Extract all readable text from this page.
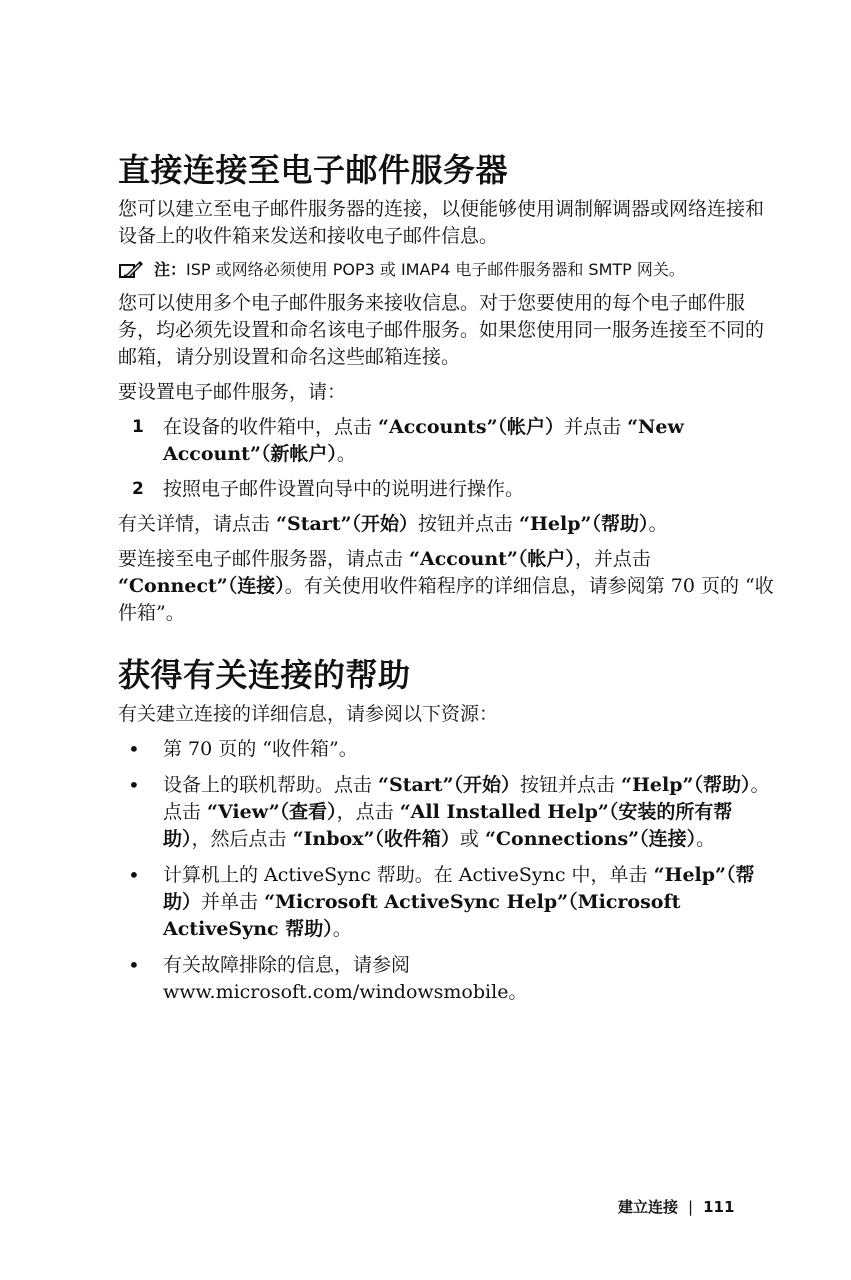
直接连接至电子邮件服务器

您可以建立至电子邮件服务器的连接，以便能够使用调制解调器或网络连接和设备上的收件箱来发送和接收电子邮件信息。

注：ISP 或网络必须使用 POP3 或 IMAP4 电子邮件服务器和 SMTP 网关。

您可以使用多个电子邮件服务来接收信息。对于您要使用的每个电子邮件服务，均必须先设置和命名该电子邮件服务。如果您使用同一服务连接至不同的邮箱，请分别设置和命名这些邮箱连接。

要设置电子邮件服务，请：

1	在设备的收件箱中，点击 “Accounts”（帐户）并点击 “New Account”（新帐户）。
2	按照电子邮件设置向导中的说明进行操作。

有关详情，请点击 “Start”（开始）按钮并点击 “Help”（帮助）。

要连接至电子邮件服务器，请点击 “Account”（帐户），并点击 “Connect”（连接）。有关使用收件箱程序的详细信息，请参阅第 70 页的 “收件箱”。

获得有关连接的帮助

有关建立连接的详细信息，请参阅以下资源：

•	第 70 页的 “收件箱”。
•	设备上的联机帮助。点击 “Start”（开始）按钮并点击 “Help”（帮助）。点击 “View”（查看），点击 “All Installed Help”（安装的所有帮助），然后点击 “Inbox”（收件箱）或 “Connections”（连接）。
•	计算机上的 ActiveSync 帮助。在 ActiveSync 中，单击 “Help”（帮助）并单击 “Microsoft ActiveSync Help”（Microsoft ActiveSync 帮助）。
•	有关故障排除的信息，请参阅 www.microsoft.com/windowsmobile。
建立连接 | 111
